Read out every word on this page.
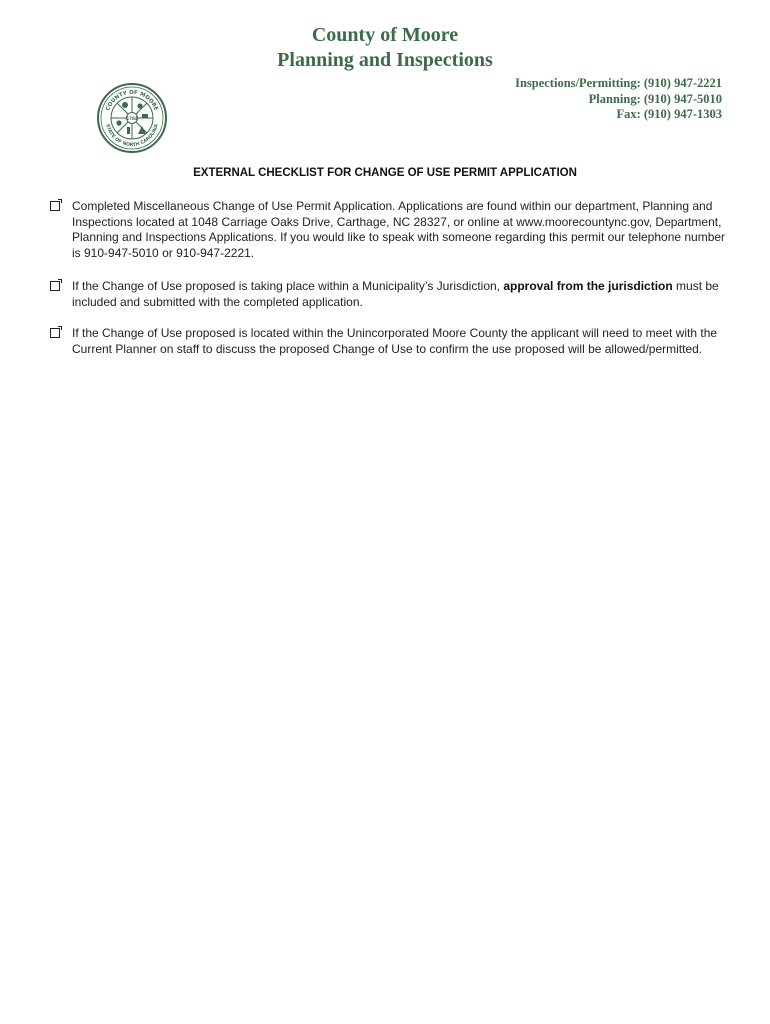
County of Moore
Planning and Inspections
Inspections/Permitting: (910) 947-2221
Planning: (910) 947-5010
Fax: (910) 947-1303
COUNTY OF MOORE
STATE OF NORTH CAROLINA
1784
EXTERNAL CHECKLIST FOR CHANGE OF USE PERMIT APPLICATION
Completed Miscellaneous Change of Use Permit Application. Applications are found within our department, Planning and Inspections located at 1048 Carriage Oaks Drive, Carthage, NC 28327, or online at www.moorecountync.gov, Department, Planning and Inspections Applications. If you would like to speak with someone regarding this permit our telephone number is 910-947-5010 or 910-947-2221.
If the Change of Use proposed is taking place within a Municipality’s Jurisdiction, approval from the jurisdiction must be included and submitted with the completed application.
If the Change of Use proposed is located within the Unincorporated Moore County the applicant will need to meet with the Current Planner on staff to discuss the proposed Change of Use to confirm the use proposed will be allowed/permitted.
